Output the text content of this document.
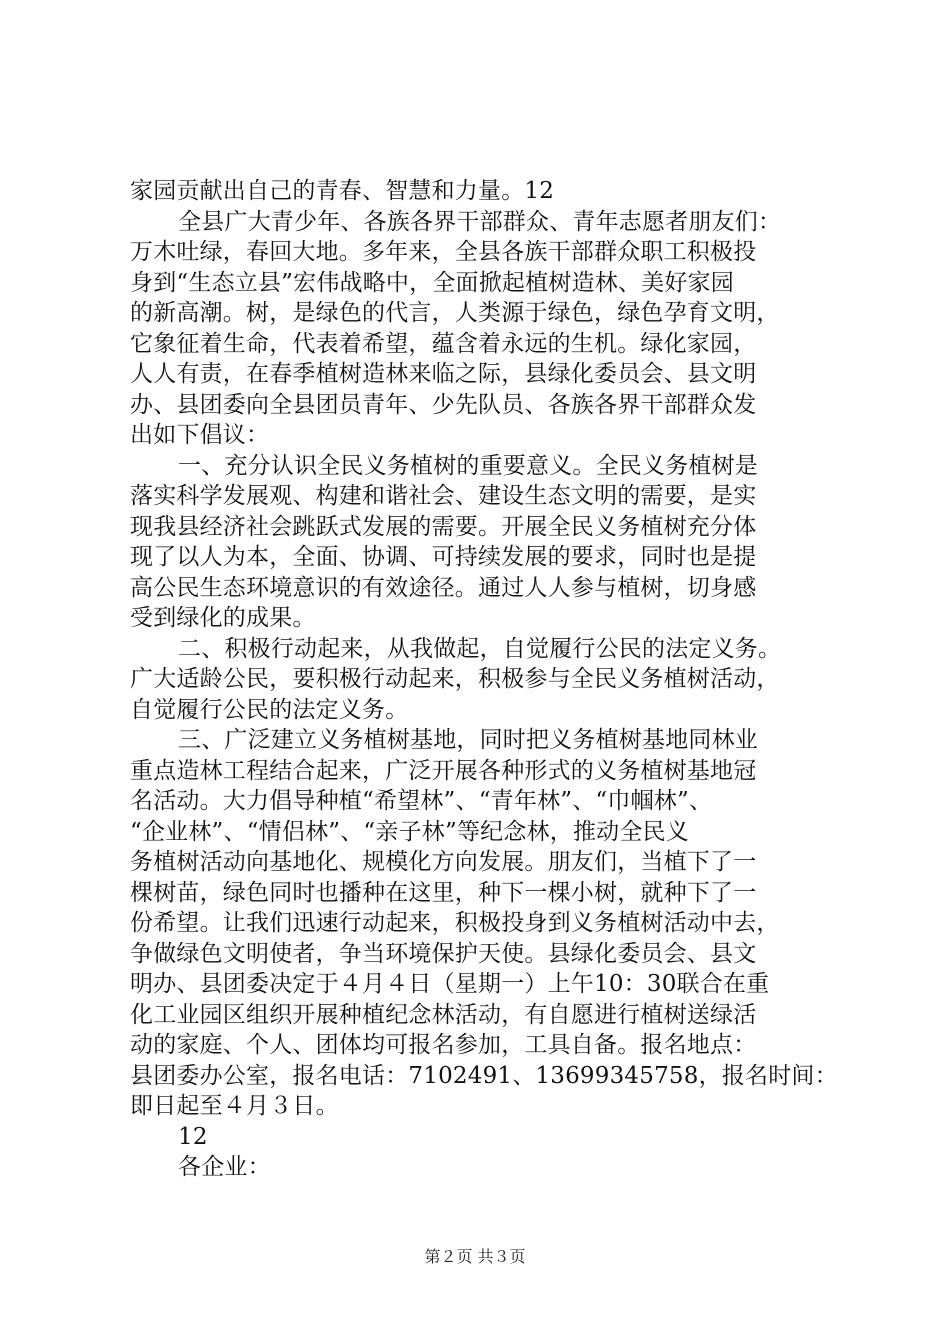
家园贡献出自己的青春、智慧和力量。12
全县广大青少年、各族各界干部群众、青年志愿者朋友们：
万木吐绿，春回大地。多年来，全县各族干部群众职工积极投
身到“生态立县”宏伟战略中，全面掀起植树造林、美好家园
的新高潮。树，是绿色的代言，人类源于绿色，绿色孕育文明，
它象征着生命，代表着希望，蕴含着永远的生机。绿化家园，
人人有责，在春季植树造林来临之际，县绿化委员会、县文明
办、县团委向全县团员青年、少先队员、各族各界干部群众发
出如下倡议：
一、充分认识全民义务植树的重要意义。全民义务植树是
落实科学发展观、构建和谐社会、建设生态文明的需要，是实
现我县经济社会跳跃式发展的需要。开展全民义务植树充分体
现了以人为本，全面、协调、可持续发展的要求，同时也是提
高公民生态环境意识的有效途径。通过人人参与植树，切身感
受到绿化的成果。
二、积极行动起来，从我做起，自觉履行公民的法定义务。
广大适龄公民，要积极行动起来，积极参与全民义务植树活动，
自觉履行公民的法定义务。
三、广泛建立义务植树基地，同时把义务植树基地同林业
重点造林工程结合起来，广泛开展各种形式的义务植树基地冠
名活动。大力倡导种植“希望林”、“青年林”、“巾帼林”、
“企业林”、“情侣林”、“亲子林”等纪念林，推动全民义
务植树活动向基地化、规模化方向发展。朋友们，当植下了一
棵树苗，绿色同时也播种在这里，种下一棵小树，就种下了一
份希望。让我们迅速行动起来，积极投身到义务植树活动中去，
争做绿色文明使者，争当环境保护天使。县绿化委员会、县文
明办、县团委决定于４月４日（星期一）上午10：30联合在重
化工业园区组织开展种植纪念林活动，有自愿进行植树送绿活
动的家庭、个人、团体均可报名参加，工具自备。报名地点：
县团委办公室，报名电话：7102491、13699345758，报名时间：
即日起至４月３日。
12
各企业：
第２页 共３页
